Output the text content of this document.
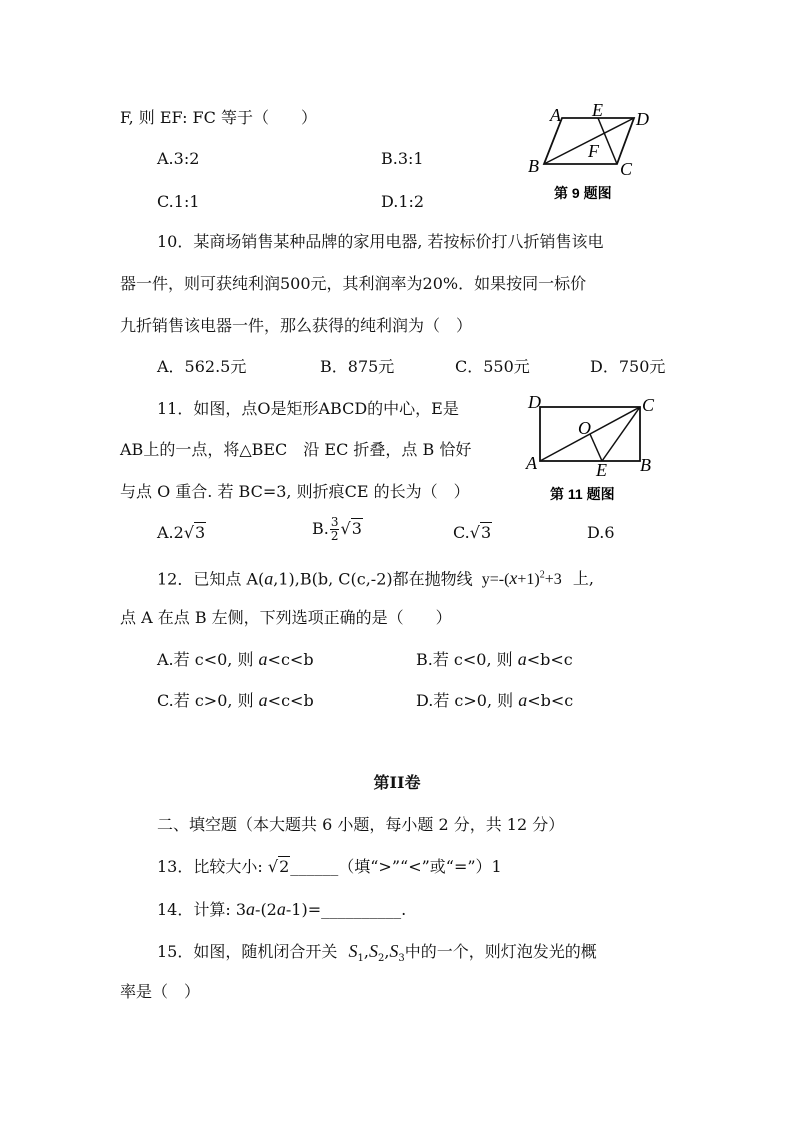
F, 则 EF: FC 等于（　　）
A.3:2	B.3:1
C.1:1	D.1:2
A E D
B
F
C
第 9 题图
10．某商场销售某种品牌的家用电器, 若按标价打八折销售该电
器一件，则可获纯利润500元，其利润率为20%．如果按同一标价
九折销售该电器一件，那么获得的纯利润为（　）
A．562.5元	B．875元	C．550元	D．750元
11．如图，点O是矩形ABCD的中心，E是
AB上的一点，将△BEC　沿 EC 折叠，点 B 恰好
与点 O 重合. 若 BC=3, 则折痕CE 的长为（　）
A.2√3	B. $\frac{3}{2} √3$	C.√3	D.6
D	C
O
A	E B
第 11 题图
12．已知点 A(a,1),B(b, C(c,-2)都在抛物线 $y=-(x+1)^2+3$ 上,
点 A 在点 B 左侧，下列选项正确的是（　　）
A.若 c<0, 则 a<c<b	B.若 c<0, 则 a<b<c
C.若 c>0, 则 a<c<b	D.若 c>0, 则 a<b<c
第II卷
二、填空题（本大题共 6 小题，每小题 2 分，共 12 分）
13．比较大小: √2______（填“>”“<”或“=”）1
14．计算: 3a-(2a-1)=__________.
15．如图，随机闭合开关 $S_1,S_2,S_3$中的一个，则灯泡发光的概
率是（　）
